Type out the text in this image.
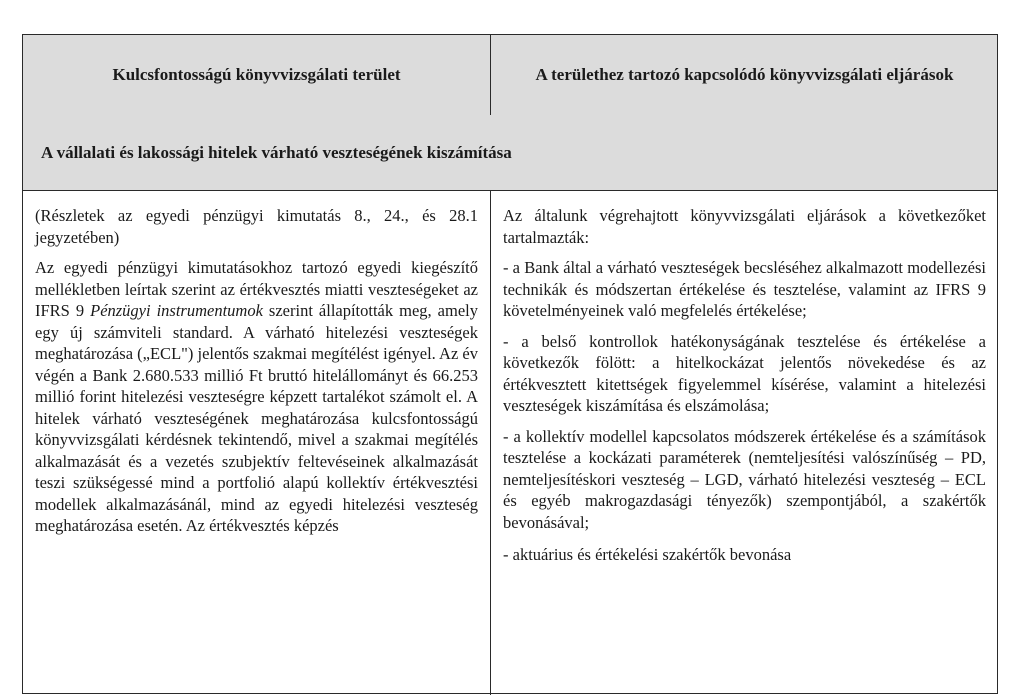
Kulcsfontosságú könyvvizsgálati terület	A területhez tartozó kapcsolódó könyvvizsgálati eljárások
A vállalati és lakossági hitelek várható veszteségének kiszámítása

(Részletek az egyedi pénzügyi kimutatás 8., 24., és 28.1 jegyzetében)

Az egyedi pénzügyi kimutatásokhoz tartozó egyedi kiegészítő mellékletben leírtak szerint az értékvesztés miatti veszteségeket az IFRS 9 Pénzügyi instrumentumok szerint állapították meg, amely egy új számviteli standard. A várható hitelezési veszteségek meghatározása („ECL") jelentős szakmai megítélést igényel. Az év végén a Bank 2.680.533 millió Ft bruttó hitelállományt és 66.253 millió forint hitelezési veszteségre képzett tartalékot számolt el. A hitelek várható veszteségének meghatározása kulcsfontosságú könyvvizsgálati kérdésnek tekintendő, mivel a szakmai megítélés alkalmazását és a vezetés szubjektív feltevéseinek alkalmazását teszi szükségessé mind a portfolió alapú kollektív értékvesztési modellek alkalmazásánál, mind az egyedi hitelezési veszteség meghatározása esetén. Az értékvesztés képzés

Az általunk végrehajtott könyvvizsgálati eljárások a következőket tartalmazták:

- a Bank által a várható veszteségek becsléséhez alkalmazott modellezési technikák és módszertan értékelése és tesztelése, valamint az IFRS 9 követelményeinek való megfelelés értékelése;

- a belső kontrollok hatékonyságának tesztelése és értékelése a következők fölött: a hitelkockázat jelentős növekedése és az értékvesztett kitettségek figyelemmel kísérése, valamint a hitelezési veszteségek kiszámítása és elszámolása;

- a kollektív modellel kapcsolatos módszerek értékelése és a számítások tesztelése a kockázati paraméterek (nemteljesítési valószínűség – PD, nemteljesítéskori veszteség – LGD, várható hitelezési veszteség – ECL és egyéb makrogazdasági tényezők) szempontjából, a szakértők bevonásával;

- aktuárius és értékelési szakértők bevonása
